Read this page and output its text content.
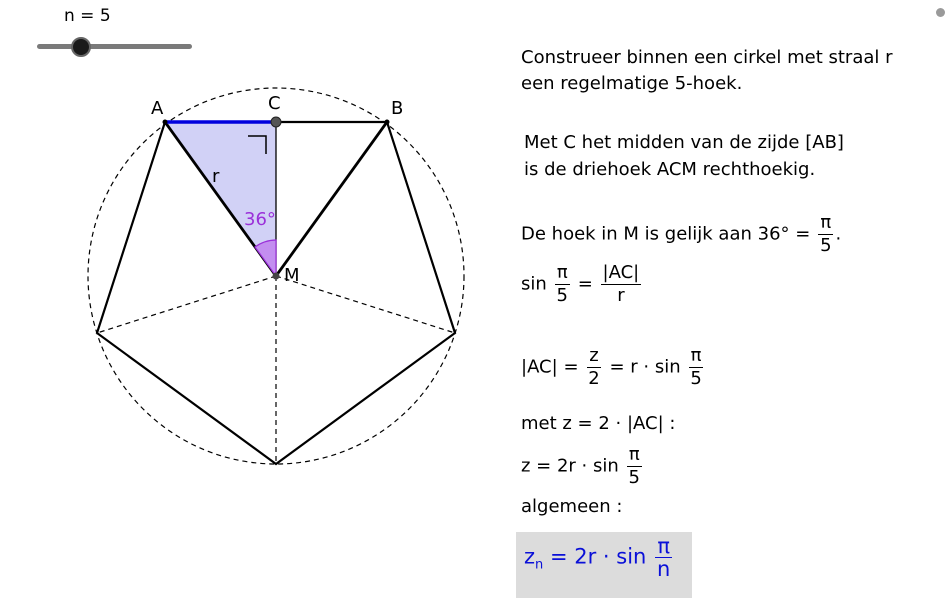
n = 5
A	C	B
M
r
36°
Construeer binnen een cirkel met straal r
een regelmatige 5-hoek.
Met C het midden van de zijde [AB]
is de driehoek ACM rechthoekig.
De hoek in M is gelijk aan $36^\circ = \frac{\pi}{5}$ .
$\sin \frac{\pi}{5} = \frac{|AC|}{r}$
$|AC| = \frac{z}{2} = r \cdot \sin \frac{\pi}{5}$
met z = 2 · |AC| :
$z = 2r \cdot \sin \frac{\pi}{5}$
algemeen :
$z_n = 2r \cdot \sin \frac{\pi}{n}$
